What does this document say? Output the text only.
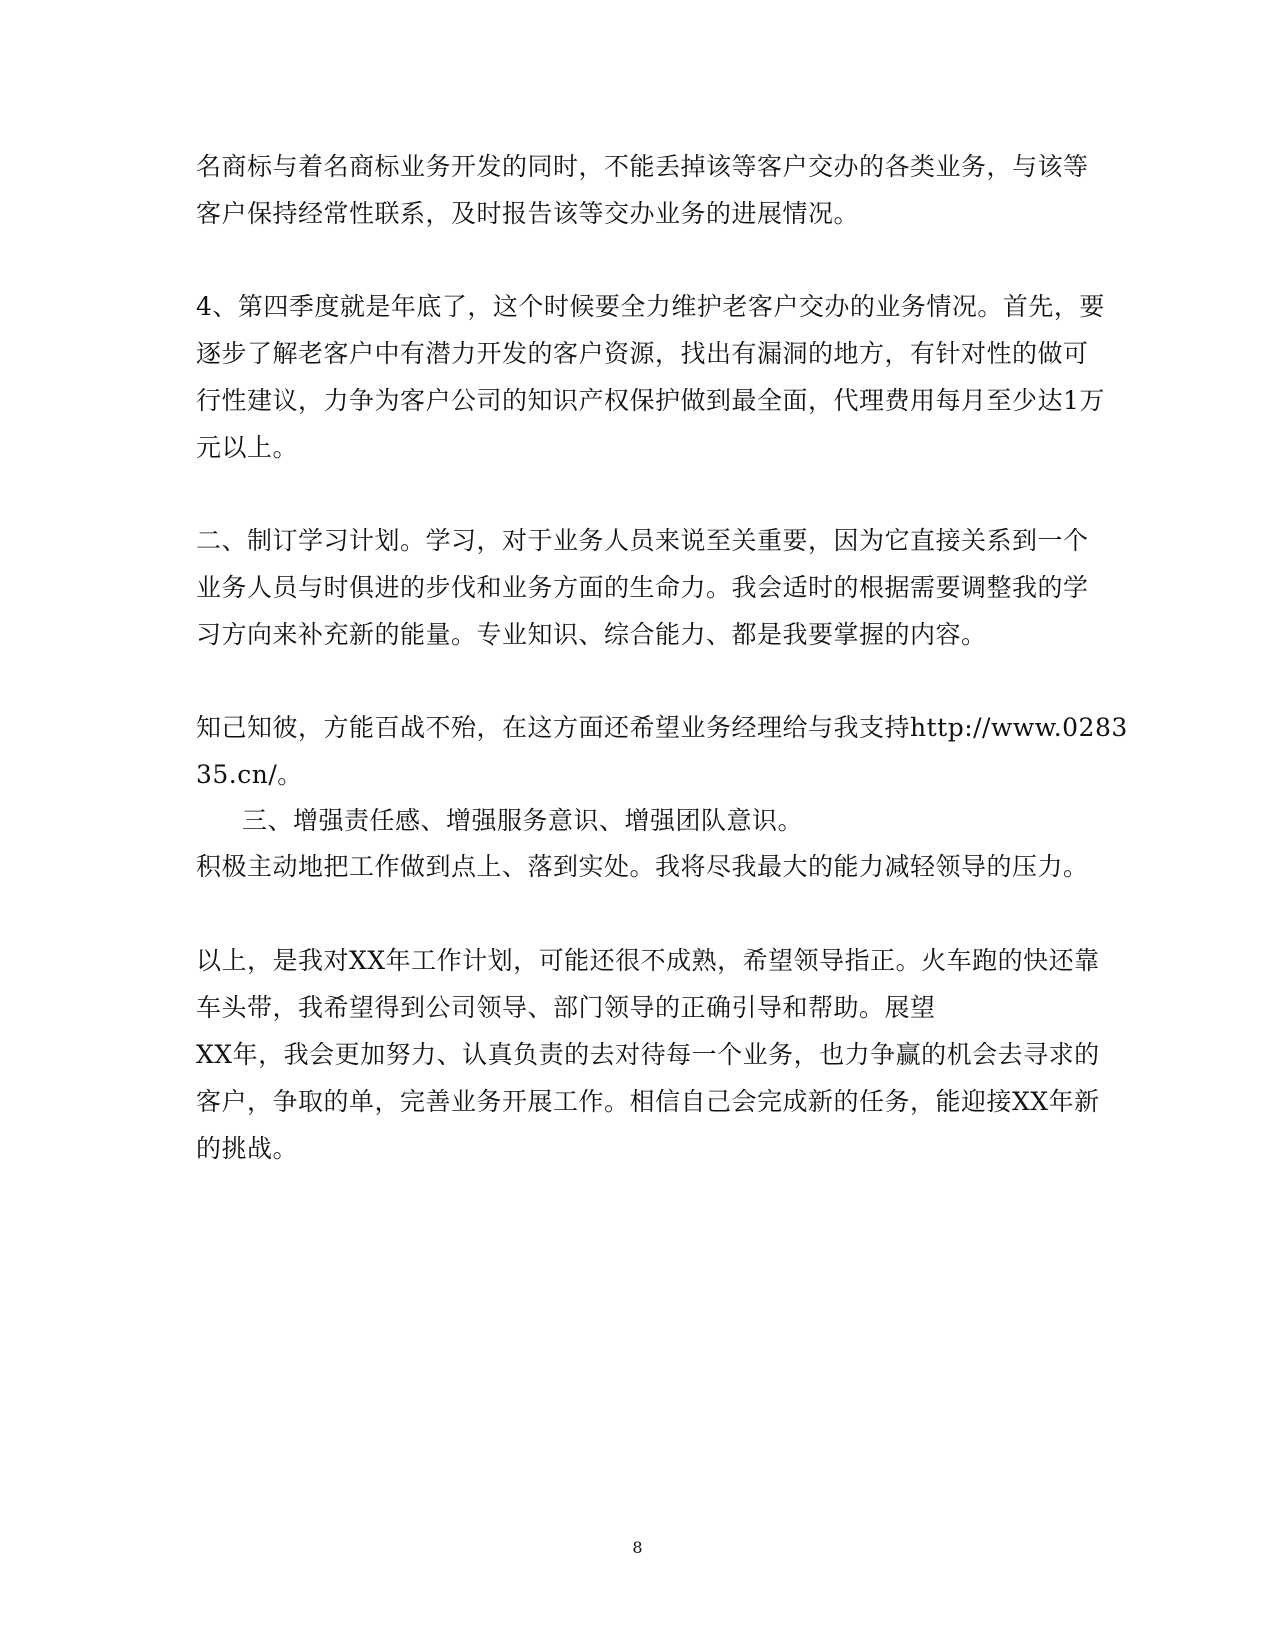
名商标与着名商标业务开发的同时，不能丢掉该等客户交办的各类业务，与该等
客户保持经常性联系，及时报告该等交办业务的进展情况。
4、第四季度就是年底了，这个时候要全力维护老客户交办的业务情况。首先，要
逐步了解老客户中有潜力开发的客户资源，找出有漏洞的地方，有针对性的做可
行性建议，力争为客户公司的知识产权保护做到最全面，代理费用每月至少达1万
元以上。
二、制订学习计划。学习，对于业务人员来说至关重要，因为它直接关系到一个
业务人员与时俱进的步伐和业务方面的生命力。我会适时的根据需要调整我的学
习方向来补充新的能量。专业知识、综合能力、都是我要掌握的内容。
知己知彼，方能百战不殆，在这方面还希望业务经理给与我支持http://www.0283
35.cn/。
三、增强责任感、增强服务意识、增强团队意识。
积极主动地把工作做到点上、落到实处。我将尽我最大的能力减轻领导的压力。
以上，是我对XX年工作计划，可能还很不成熟，希望领导指正。火车跑的快还靠
车头带，我希望得到公司领导、部门领导的正确引导和帮助。展望
XX年，我会更加努力、认真负责的去对待每一个业务，也力争赢的机会去寻求的
客户，争取的单，完善业务开展工作。相信自己会完成新的任务，能迎接XX年新
的挑战。
8
